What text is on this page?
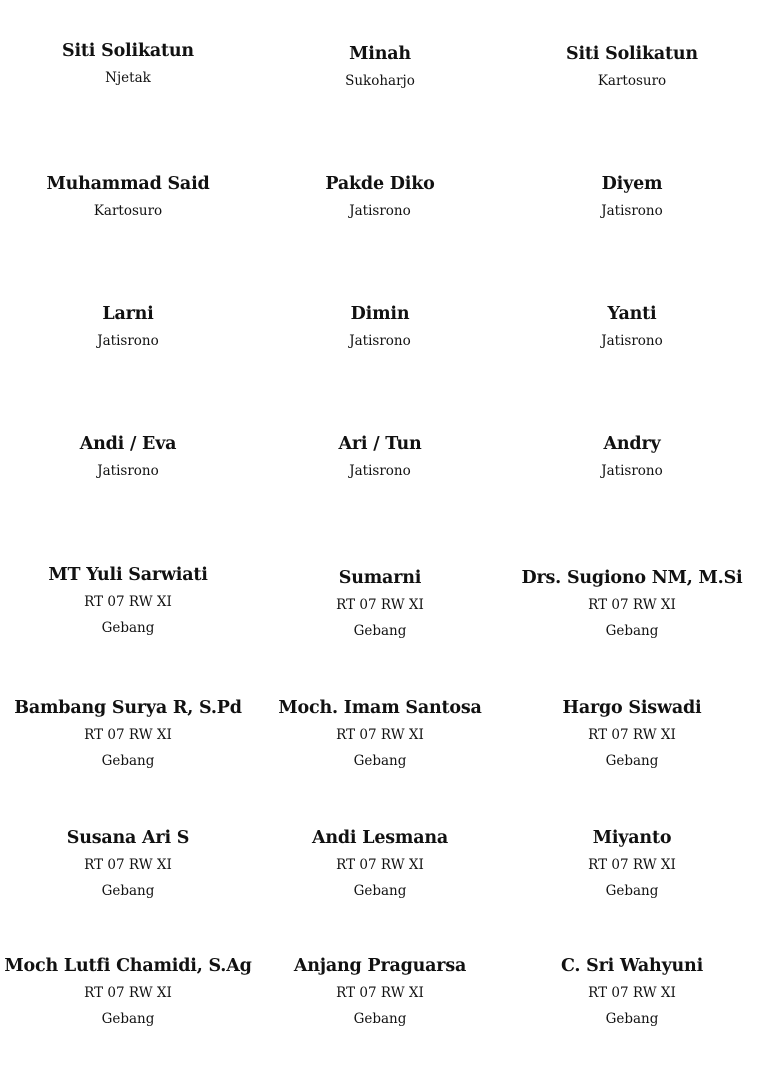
Siti Solikatun
Njetak
Minah
Sukoharjo
Siti Solikatun
Kartosuro
Muhammad Said
Kartosuro
Pakde Diko
Jatisrono
Diyem
Jatisrono
Larni
Jatisrono
Dimin
Jatisrono
Yanti
Jatisrono
Andi / Eva
Jatisrono
Ari / Tun
Jatisrono
Andry
Jatisrono
MT Yuli Sarwiati
RT 07 RW XI
Gebang
Sumarni
RT 07 RW XI
Gebang
Drs. Sugiono NM, M.Si
RT 07 RW XI
Gebang
Bambang Surya R, S.Pd
RT 07 RW XI
Gebang
Moch. Imam Santosa
RT 07 RW XI
Gebang
Hargo Siswadi
RT 07 RW XI
Gebang
Susana Ari S
RT 07 RW XI
Gebang
Andi Lesmana
RT 07 RW XI
Gebang
Miyanto
RT 07 RW XI
Gebang
Moch Lutfi Chamidi, S.Ag
RT 07 RW XI
Gebang
Anjang Praguarsa
RT 07 RW XI
Gebang
C. Sri Wahyuni
RT 07 RW XI
Gebang
